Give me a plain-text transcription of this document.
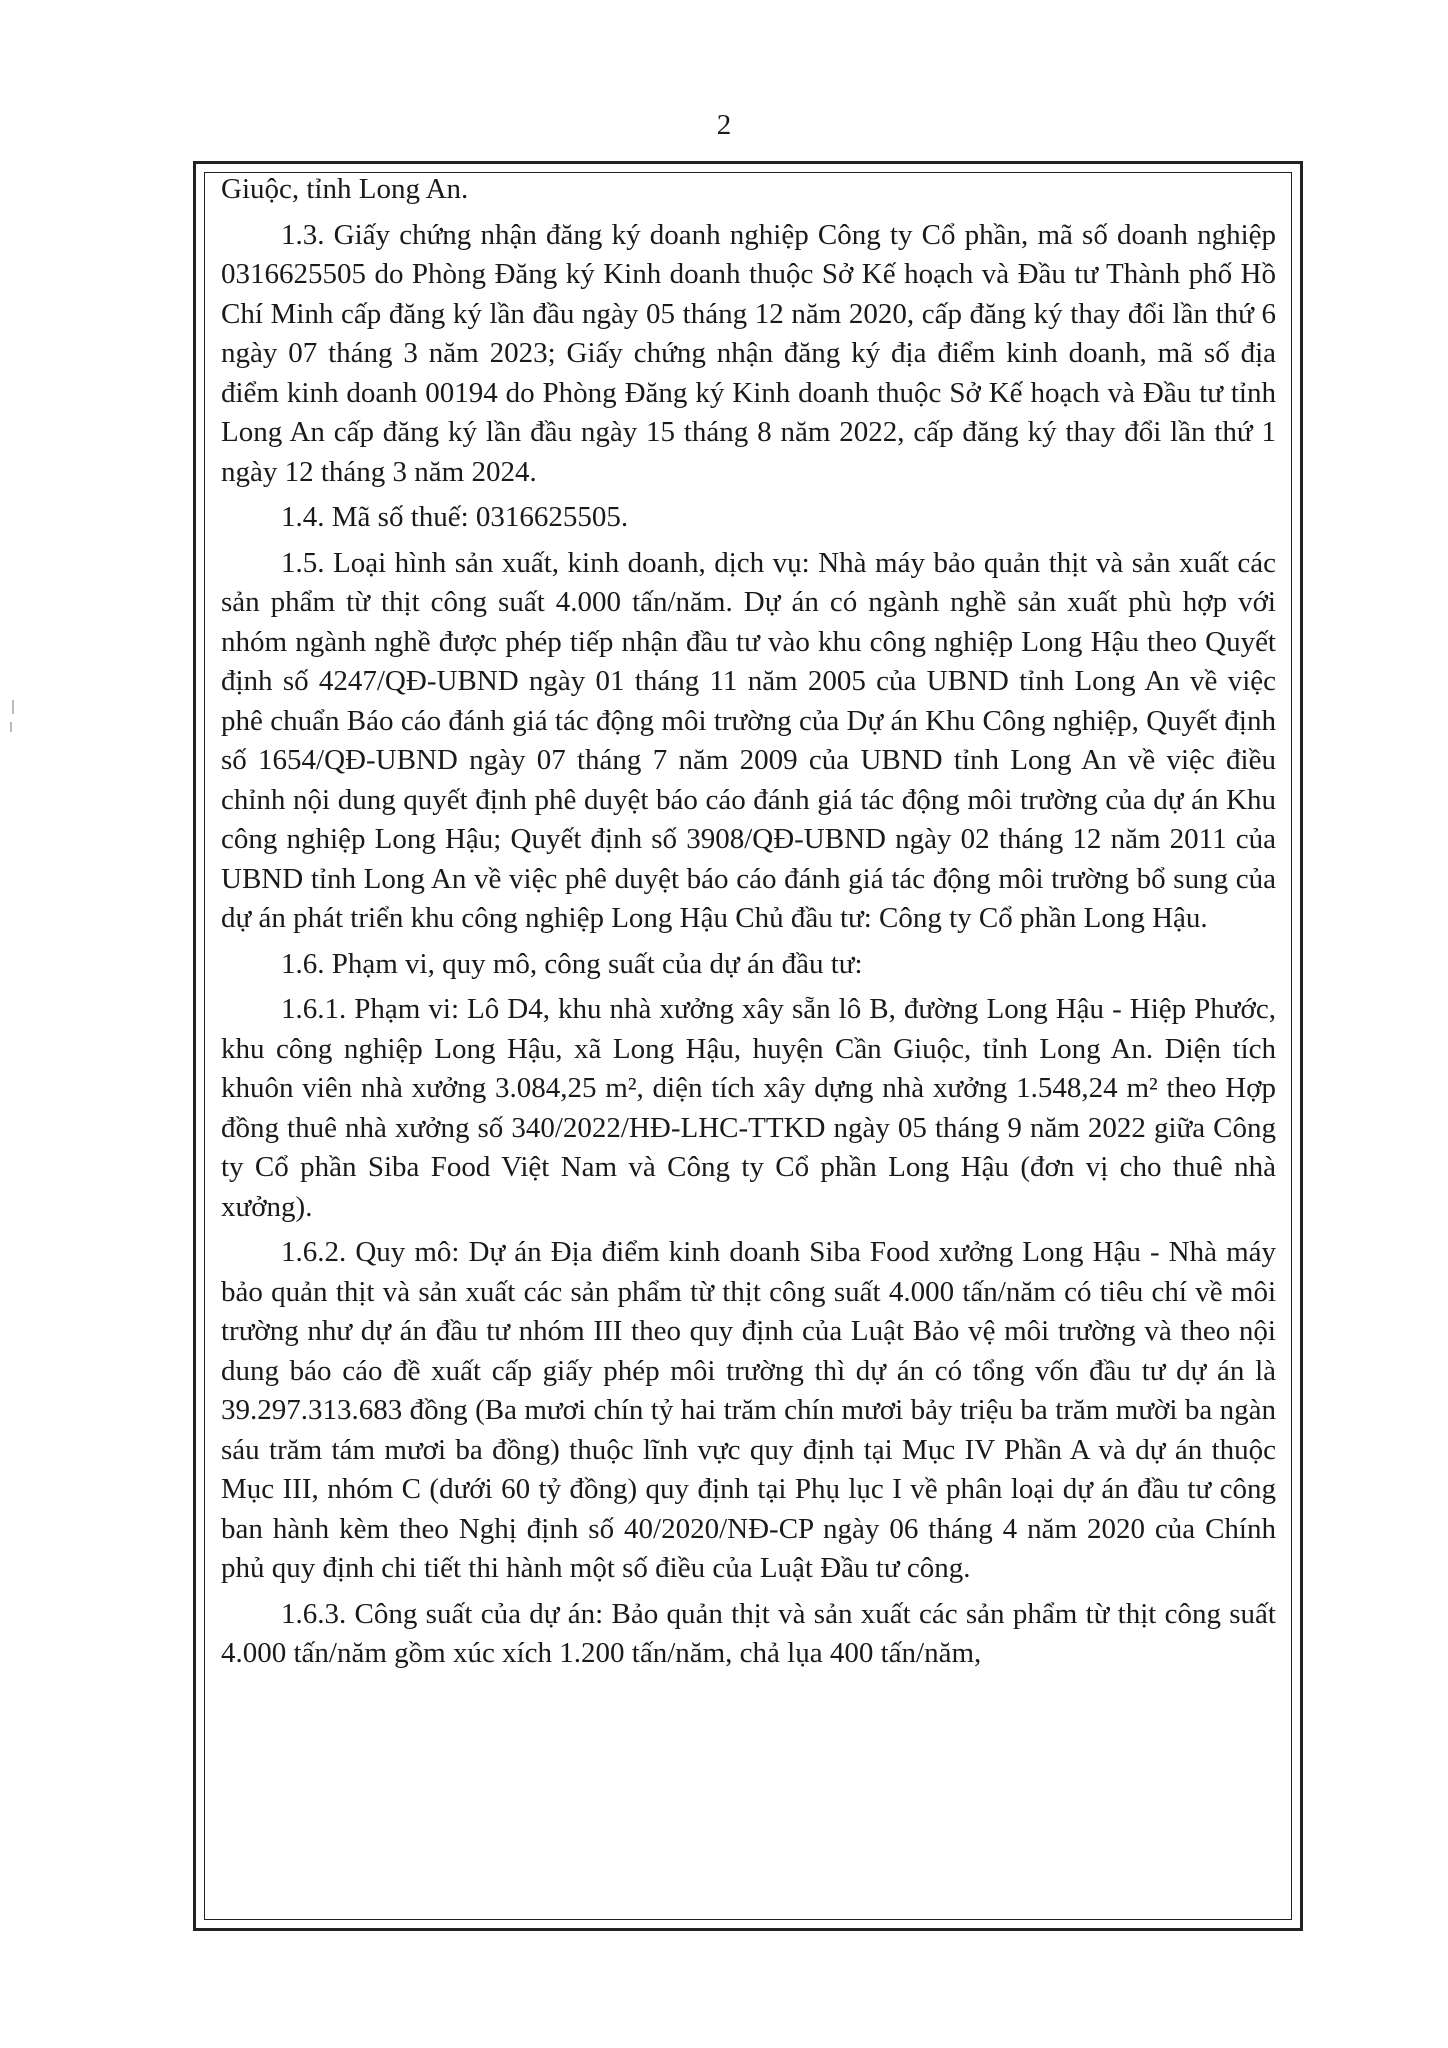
2

Giuộc, tỉnh Long An.

1.3. Giấy chứng nhận đăng ký doanh nghiệp Công ty Cổ phần, mã số doanh nghiệp 0316625505 do Phòng Đăng ký Kinh doanh thuộc Sở Kế hoạch và Đầu tư Thành phố Hồ Chí Minh cấp đăng ký lần đầu ngày 05 tháng 12 năm 2020, cấp đăng ký thay đổi lần thứ 6 ngày 07 tháng 3 năm 2023; Giấy chứng nhận đăng ký địa điểm kinh doanh, mã số địa điểm kinh doanh 00194 do Phòng Đăng ký Kinh doanh thuộc Sở Kế hoạch và Đầu tư tỉnh Long An cấp đăng ký lần đầu ngày 15 tháng 8 năm 2022, cấp đăng ký thay đổi lần thứ 1 ngày 12 tháng 3 năm 2024.

1.4. Mã số thuế: 0316625505.

1.5. Loại hình sản xuất, kinh doanh, dịch vụ: Nhà máy bảo quản thịt và sản xuất các sản phẩm từ thịt công suất 4.000 tấn/năm. Dự án có ngành nghề sản xuất phù hợp với nhóm ngành nghề được phép tiếp nhận đầu tư vào khu công nghiệp Long Hậu theo Quyết định số 4247/QĐ-UBND ngày 01 tháng 11 năm 2005 của UBND tỉnh Long An về việc phê chuẩn Báo cáo đánh giá tác động môi trường của Dự án Khu Công nghiệp, Quyết định số 1654/QĐ-UBND ngày 07 tháng 7 năm 2009 của UBND tỉnh Long An về việc điều chỉnh nội dung quyết định phê duyệt báo cáo đánh giá tác động môi trường của dự án Khu công nghiệp Long Hậu; Quyết định số 3908/QĐ-UBND ngày 02 tháng 12 năm 2011 của UBND tỉnh Long An về việc phê duyệt báo cáo đánh giá tác động môi trường bổ sung của dự án phát triển khu công nghiệp Long Hậu Chủ đầu tư: Công ty Cổ phần Long Hậu.

1.6. Phạm vi, quy mô, công suất của dự án đầu tư:

1.6.1. Phạm vi: Lô D4, khu nhà xưởng xây sẵn lô B, đường Long Hậu - Hiệp Phước, khu công nghiệp Long Hậu, xã Long Hậu, huyện Cần Giuộc, tỉnh Long An. Diện tích khuôn viên nhà xưởng 3.084,25 m², diện tích xây dựng nhà xưởng 1.548,24 m² theo Hợp đồng thuê nhà xưởng số 340/2022/HĐ-LHC-TTKD ngày 05 tháng 9 năm 2022 giữa Công ty Cổ phần Siba Food Việt Nam và Công ty Cổ phần Long Hậu (đơn vị cho thuê nhà xưởng).

1.6.2. Quy mô: Dự án Địa điểm kinh doanh Siba Food xưởng Long Hậu - Nhà máy bảo quản thịt và sản xuất các sản phẩm từ thịt công suất 4.000 tấn/năm có tiêu chí về môi trường như dự án đầu tư nhóm III theo quy định của Luật Bảo vệ môi trường và theo nội dung báo cáo đề xuất cấp giấy phép môi trường thì dự án có tổng vốn đầu tư dự án là 39.297.313.683 đồng (Ba mươi chín tỷ hai trăm chín mươi bảy triệu ba trăm mười ba ngàn sáu trăm tám mươi ba đồng) thuộc lĩnh vực quy định tại Mục IV Phần A và dự án thuộc Mục III, nhóm C (dưới 60 tỷ đồng) quy định tại Phụ lục I về phân loại dự án đầu tư công ban hành kèm theo Nghị định số 40/2020/NĐ-CP ngày 06 tháng 4 năm 2020 của Chính phủ quy định chi tiết thi hành một số điều của Luật Đầu tư công.

1.6.3. Công suất của dự án: Bảo quản thịt và sản xuất các sản phẩm từ thịt công suất 4.000 tấn/năm gồm xúc xích 1.200 tấn/năm, chả lụa 400 tấn/năm,
